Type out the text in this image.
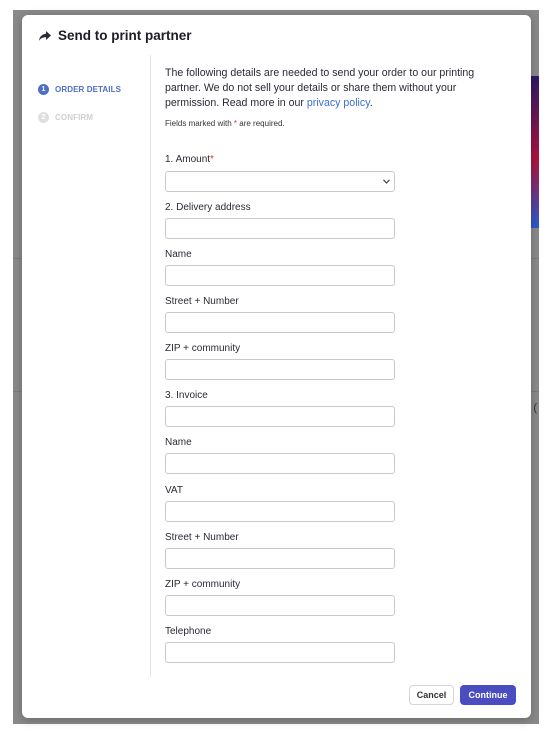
(
Send to print partner
1	ORDER DETAILS
2	CONFIRM

The following details are needed to send your order to our printing partner. We do not sell your details or share them without your permission. Read more in our privacy policy.

Fields marked with * are required.

1. Amount*
2. Delivery address
Name
Street + Number
ZIP + community
3. Invoice
Name
VAT
Street + Number
ZIP + community
Telephone
Cancel	Continue
